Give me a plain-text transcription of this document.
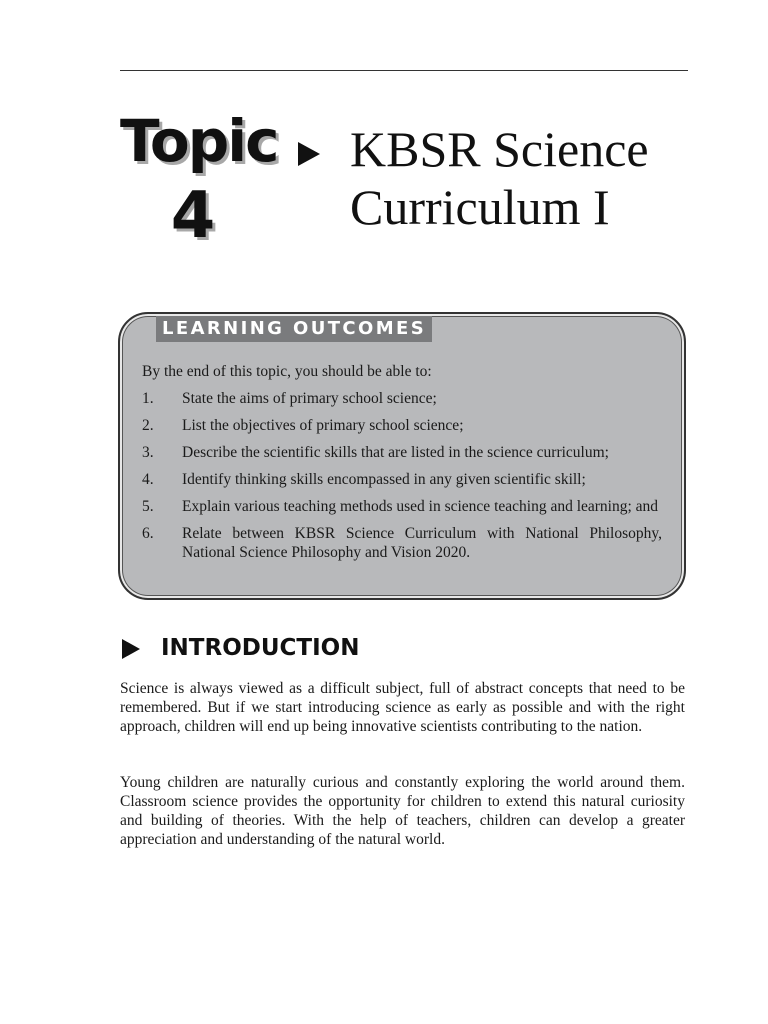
Topic
4
KBSR Science
Curriculum I
LEARNING OUTCOMES
By the end of this topic, you should be able to:
1.	State the aims of primary school science;
2.	List the objectives of primary school science;
3.	Describe the scientific skills that are listed in the science curriculum;
4.	Identify thinking skills encompassed in any given scientific skill;
5.	Explain various teaching methods used in science teaching and learning; and
6.	Relate between KBSR Science Curriculum with National Philosophy, National Science Philosophy and Vision 2020.
INTRODUCTION

Science is always viewed as a difficult subject, full of abstract concepts that need to be remembered. But if we start introducing science as early as possible and with the right approach, children will end up being innovative scientists contributing to the nation.

Young children are naturally curious and constantly exploring the world around them. Classroom science provides the opportunity for children to extend this natural curiosity and building of theories. With the help of teachers, children can develop a greater appreciation and understanding of the natural world.
